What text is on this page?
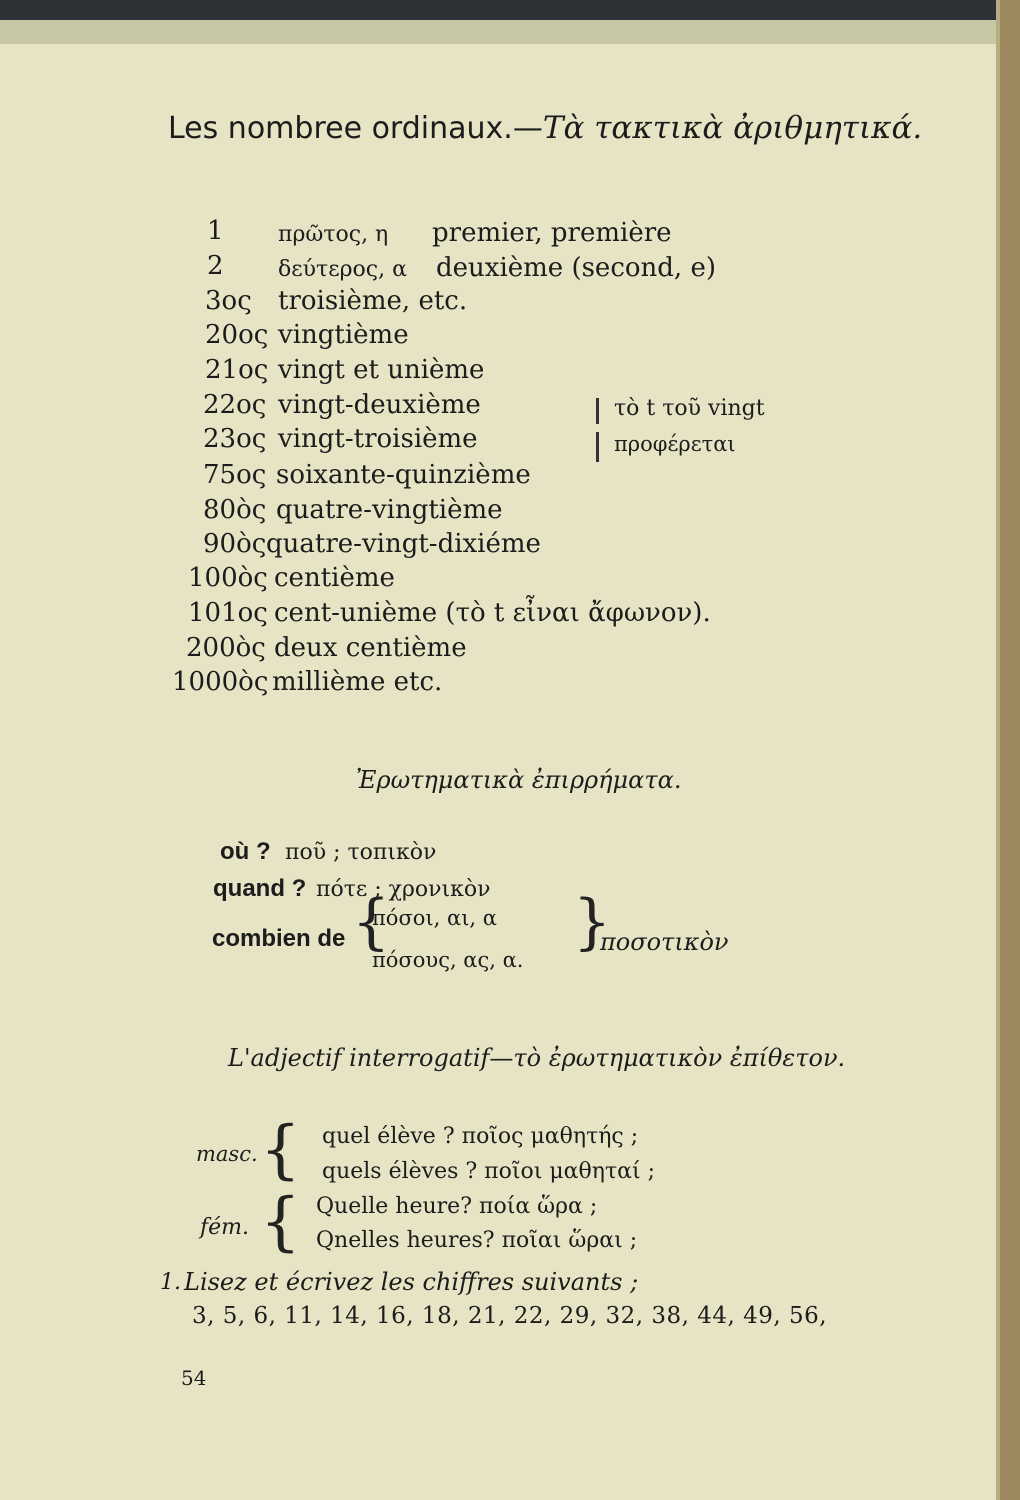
Les nombree ordinaux.—Τὰ τακτικὰ ἀριθμητικά.
1 πρῶτος, η premier, première
2 δεύτερος, α deuxième (second, e)
3ος troisième, etc.
20ος vingtième
21ος vingt et unième
22ος vingt-deuxième
23ος vingt-troisième
75ος soixante-quinzième
80ὸς quatre-vingtième
90ὸς quatre-vingt-dixiéme
100ὸς centième
101ος cent-unième (τὸ t εἶναι ἄφωνον).
200ὸς deux centième
1000ὸς millième etc.
τὸ t τοῦ vingt
προφέρεται
Ἐρωτηματικὰ ἐπιρρήματα.
où ? ποῦ ; τοπικὸν
quand ? πότε ; χρονικὸν
combien de {
πόσοι, αι, α
πόσους, ας, α.
}
ποσοτικὸν
L'adjectif interrogatif—τὸ ἐρωτηματικὸν ἐπίθετον.
masc. { quel élève ? ποῖος μαθητής ;
quels élèves ? ποῖοι μαθηταί ;
fém. { Quelle heure? ποία ὥρα ;
Qnelles heures? ποῖαι ὥραι ;
1. Lisez et écrivez les chiffres suivants ;
3, 5, 6, 11, 14, 16, 18, 21, 22, 29, 32, 38, 44, 49, 56,
54
